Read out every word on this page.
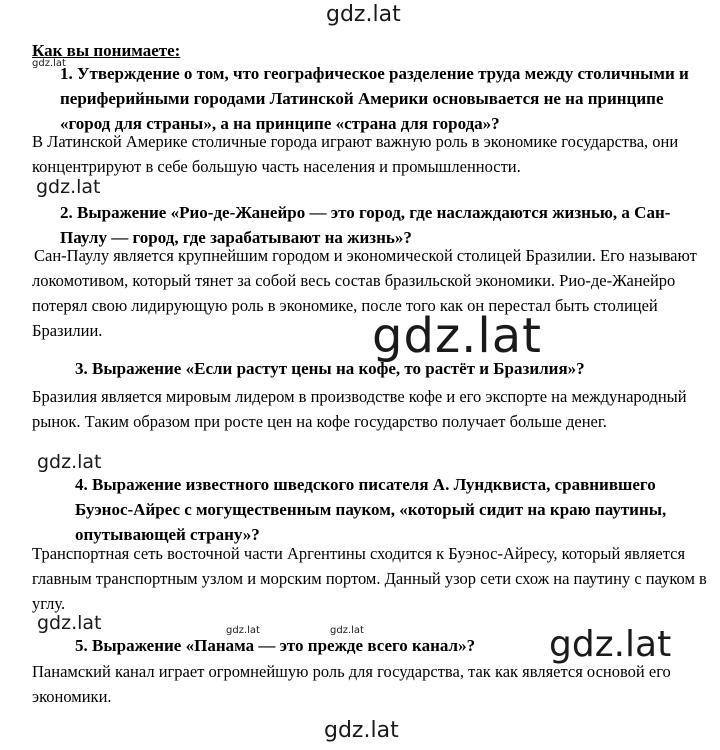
gdz.lat
gdz.lat
Как вы понимаете:
1. Утверждение о том, что географическое разделение труда между столичными и периферийными городами Латинской Америки основывается не на принципе «город для страны», а на принципе «страна для города»?
В Латинской Америке столичные города играют важную роль в экономике государства, они концентрируют в себе большую часть населения и промышленности.
gdz.lat
2. Выражение «Рио-де-Жанейро — это город, где наслаждаются жизнью, а Сан-Паулу — город, где зарабатывают на жизнь»?
Сан-Паулу является крупнейшим городом и экономической столицей Бразилии. Его называют локомотивом, который тянет за собой весь состав бразильской экономики. Рио-де-Жанейро потерял свою лидирующую роль в экономике, после того как он перестал быть столицей Бразилии.	gdz.lat
3. Выражение «Если растут цены на кофе, то растёт и Бразилия»?
Бразилия является мировым лидером в производстве кофе и его экспорте на международный рынок. Таким образом при росте цен на кофе государство получает больше денег.
gdz.lat
4. Выражение известного шведского писателя А. Лундквиста, сравнившего Буэнос-Айрес с могущественным пауком, «который сидит на краю паутины, опутывающей страну»?
Транспортная сеть восточной части Аргентины сходится к Буэнос-Айресу, который является главным транспортным узлом и морским портом. Данный узор сети схож на паутину с пауком в углу.
gdz.lat	gdz.lat	gdz.lat
5. Выражение «Панама — это прежде всего канал»?	gdz.lat
Панамский канал играет огромнейшую роль для государства, так как является основой его экономики.
gdz.lat
